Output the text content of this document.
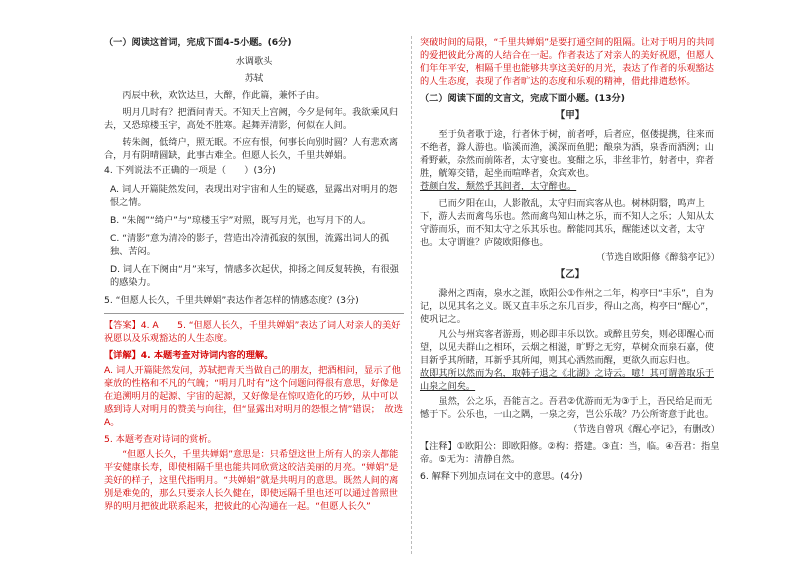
（一）阅读这首词，完成下面4-5小题。(6分)

水调歌头

苏轼

丙辰中秋，欢饮达旦，大醉，作此篇，兼怀子由。

明月几时有？把酒问青天。不知天上宫阙，今夕是何年。我欲乘风归去，又恐琼楼玉宇，高处不胜寒。起舞弄清影，何似在人间。

转朱阁，低绮户，照无眠。不应有恨，何事长向别时圆？人有悲欢离合，月有阴晴圆缺，此事古难全。但愿人长久，千里共婵娟。

4. 下列说法不正确的一项是（　　）(3分)

A. 词人开篇陡然发问，表现出对宇宙和人生的疑惑，显露出对明月的怨恨之情。

B. “朱阁”“绮户”与“琼楼玉宇”对照，既写月光，也写月下的人。

C. “清影”意为清冷的影子，营造出冷清孤寂的氛围，流露出词人的孤独、苦闷。

D. 词人在下阕由“月”来写，情感多次起伏，抑扬之间反复转换，有很强的感染力。

5. “但愿人长久，千里共婵娟”表达作者怎样的情感态度？(3分)

【答案】4. A　　5. “但愿人长久，千里共婵娟”表达了词人对亲人的美好祝愿以及乐观豁达的人生态度。

【详解】4. 本题考查对诗词内容的理解。

A. 词人开篇陡然发问，苏轼把青天当做自己的朋友，把酒相问，显示了他豪放的性格和不凡的气魄；“明月几时有”这个问题问得很有意思，好像是在追溯明月的起源、宇宙的起源，又好像是在惊叹造化的巧妙，从中可以感到诗人对明月的赞美与向往，但“显露出对明月的怨恨之情”错误；　故选A。

5. 本题考查对诗词的赏析。

“但愿人长久，千里共婵娟”意思是：只希望这世上所有人的亲人都能平安健康长寿，即使相隔千里也能共同欣赏这皎洁美丽的月亮。“婵娟”是美好的样子，这里代指明月。“共婵娟”就是共明月的意思。既然人间的离别是难免的，那么只要亲人长久健在，即使远隔千里也还可以通过普照世界的明月把彼此联系起来，把彼此的心沟通在一起。“但愿人长久”

突破时间的局限，“千里共婵娟”是要打通空间的阻隔。让对于明月的共同的爱把彼此分离的人结合在一起。作者表达了对亲人的美好祝愿，但愿人们年年平安，相隔千里也能够共享这美好的月光，表达了作者的乐观豁达的人生态度，表现了作者旷达的态度和乐观的精神，借此排遣愁怀。

（二）阅读下面的文言文，完成下面小题。(13分)

【甲】

至于负者歌于途，行者休于树，前者呼，后者应，伛偻提携，往来而不绝者，滁人游也。临溪而渔，溪深而鱼肥；酿泉为酒，泉香而酒洌；山肴野蔌，杂然而前陈者，太守宴也。宴酣之乐，非丝非竹，射者中，弈者胜，觥筹交错，起坐而喧哗者，众宾欢也。

苍颜白发，颓然乎其间者，太守醉也。

已而夕阳在山，人影散乱，太守归而宾客从也。树林阴翳，鸣声上下，游人去而禽鸟乐也。然而禽鸟知山林之乐，而不知人之乐；人知从太守游而乐，而不知太守之乐其乐也。醉能同其乐，醒能述以文者，太守也。太守谓谁？庐陵欧阳修也。

（节选自欧阳修《醉翁亭记》）

【乙】

滁州之西南，泉水之涯，欧阳公①作州之二年，构亭曰“丰乐”，自为记，以见其名之义。既又直丰乐之东几百步，得山之高，构亭曰“醒心”，使巩记之。

凡公与州宾客者游焉，则必即丰乐以饮。或醉且劳矣，则必即醒心而望，以见夫群山之相环，云烟之相滋，旷野之无穷，草树众而泉石嘉，使目新乎其所睹，耳新乎其所闻，则其心洒然而醒，更欲久而忘归也。

故即其所以然而为名，取韩子退之《北湖》之诗云。噫！其可谓善取乐于山泉之间矣。

虽然，公之乐，吾能言之。吾君②优游而无为③于上，吾民给足而无憾于下。公乐也，一山之隅，一泉之旁，岂公乐哉？乃公所寄意于此也。

（节选自曾巩《醒心亭记》，有删改）

【注释】①欧阳公：即欧阳修。②构：搭建。③直：当，临。④吾君：指皇帝。⑤无为：清静自然。

6. 解释下列加点词在文中的意思。(4分)
